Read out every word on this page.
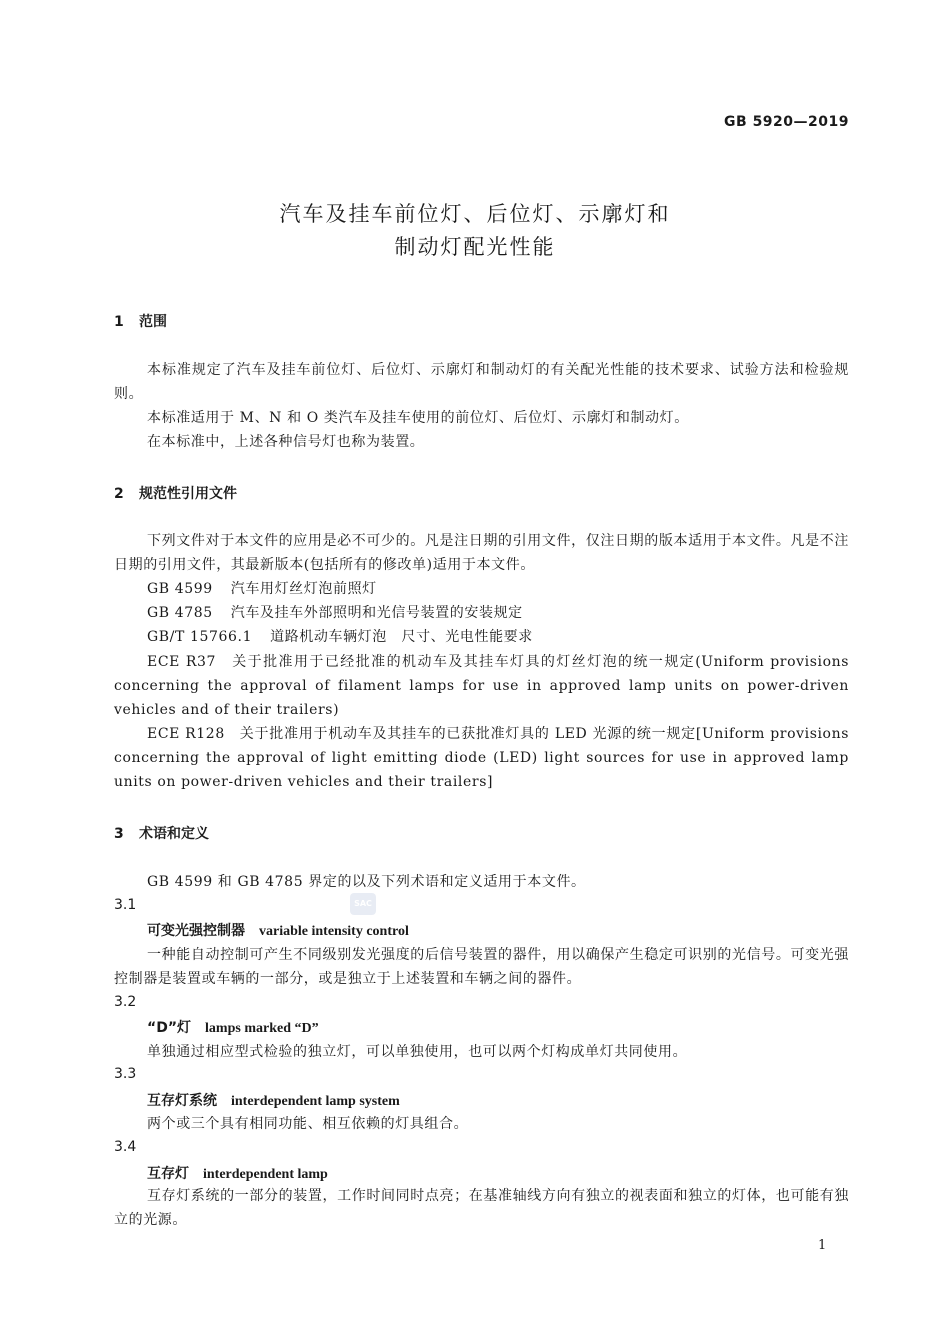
GB 5920—2019
汽车及挂车前位灯、后位灯、示廓灯和
制动灯配光性能
1 范围
本标准规定了汽车及挂车前位灯、后位灯、示廓灯和制动灯的有关配光性能的技术要求、试验方法和检验规则。
本标准适用于 M、N 和 O 类汽车及挂车使用的前位灯、后位灯、示廓灯和制动灯。
在本标准中，上述各种信号灯也称为装置。
2 规范性引用文件
下列文件对于本文件的应用是必不可少的。凡是注日期的引用文件，仅注日期的版本适用于本文件。凡是不注日期的引用文件，其最新版本(包括所有的修改单)适用于本文件。
GB 4599 汽车用灯丝灯泡前照灯
GB 4785 汽车及挂车外部照明和光信号装置的安装规定
GB/T 15766.1 道路机动车辆灯泡　尺寸、光电性能要求
ECE R37　关于批准用于已经批准的机动车及其挂车灯具的灯丝灯泡的统一规定(Uniform provisions concerning the approval of filament lamps for use in approved lamp units on power-driven vehicles and of their trailers)
ECE R128　关于批准用于机动车及其挂车的已获批准灯具的 LED 光源的统一规定[Uniform provisions concerning the approval of light emitting diode (LED) light sources for use in approved lamp units on power-driven vehicles and their trailers]
3 术语和定义
GB 4599 和 GB 4785 界定的以及下列术语和定义适用于本文件。
SAC
3.1
可变光强控制器 variable intensity control
一种能自动控制可产生不同级别发光强度的后信号装置的器件，用以确保产生稳定可识别的光信号。可变光强控制器是装置或车辆的一部分，或是独立于上述装置和车辆之间的器件。
3.2
“D”灯 lamps marked “D”
单独通过相应型式检验的独立灯，可以单独使用，也可以两个灯构成单灯共同使用。
3.3
互存灯系统 interdependent lamp system
两个或三个具有相同功能、相互依赖的灯具组合。
3.4
互存灯 interdependent lamp
互存灯系统的一部分的装置，工作时间同时点亮；在基准轴线方向有独立的视表面和独立的灯体，也可能有独立的光源。
1
